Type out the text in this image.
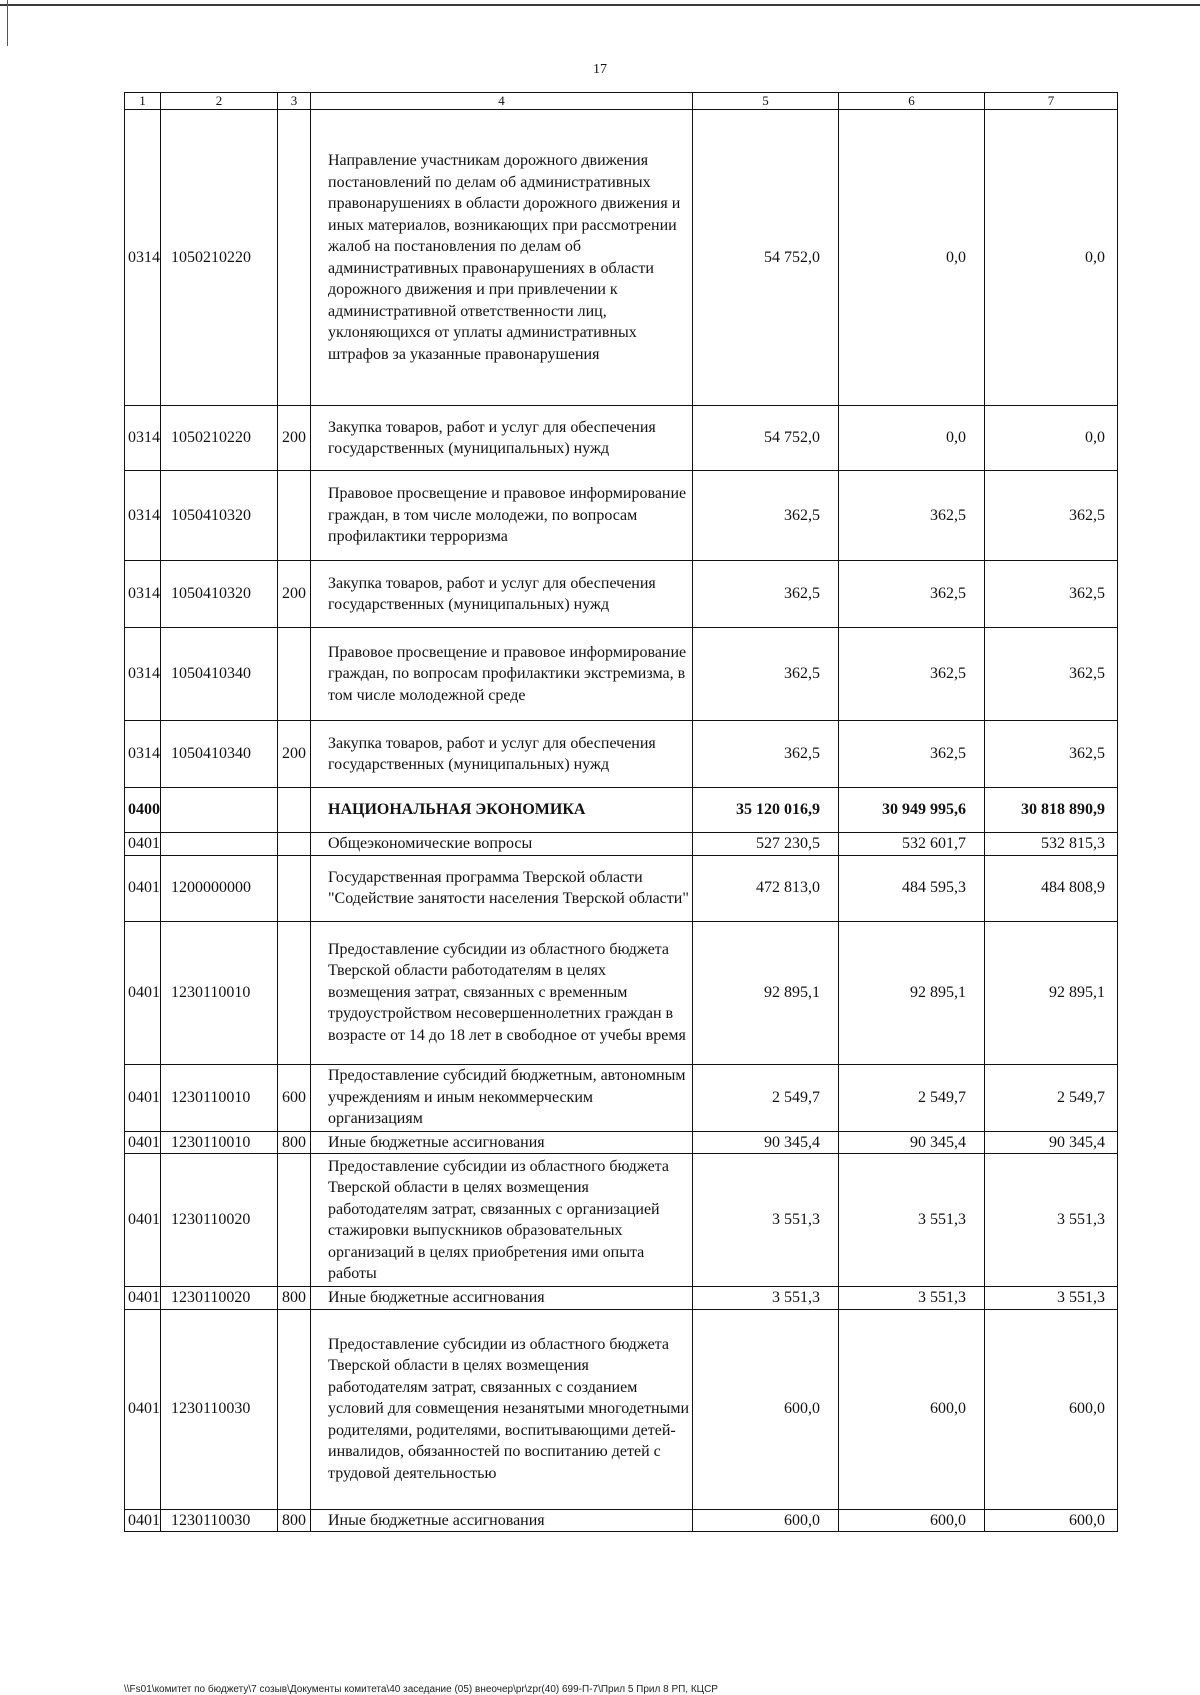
17
1	2	3	4	5	6	7
0314	1050210220		Направление участникам дорожного движения постановлений по делам об административных правонарушениях в области дорожного движения и иных материалов, возникающих при рассмотрении жалоб на постановления по делам об административных правонарушениях в области дорожного движения и при привлечении к административной ответственности лиц, уклоняющихся от уплаты административных штрафов за указанные правонарушения	54 752,0	0,0	0,0
0314	1050210220	200	Закупка товаров, работ и услуг для обеспечения государственных (муниципальных) нужд	54 752,0	0,0	0,0
0314	1050410320		Правовое просвещение и правовое информирование граждан, в том числе молодежи, по вопросам профилактики терроризма	362,5	362,5	362,5
0314	1050410320	200	Закупка товаров, работ и услуг для обеспечения государственных (муниципальных) нужд	362,5	362,5	362,5
0314	1050410340		Правовое просвещение и правовое информирование граждан, по вопросам профилактики экстремизма, в том числе молодежной среде	362,5	362,5	362,5
0314	1050410340	200	Закупка товаров, работ и услуг для обеспечения государственных (муниципальных) нужд	362,5	362,5	362,5
0400			НАЦИОНАЛЬНАЯ ЭКОНОМИКА	35 120 016,9	30 949 995,6	30 818 890,9
0401			Общеэкономические вопросы	527 230,5	532 601,7	532 815,3
0401	1200000000		Государственная программа Тверской области "Содействие занятости населения Тверской области"	472 813,0	484 595,3	484 808,9
0401	1230110010		Предоставление субсидии из областного бюджета Тверской области работодателям в целях возмещения затрат, связанных с временным трудоустройством несовершеннолетних граждан в возрасте от 14 до 18 лет в свободное от учебы время	92 895,1	92 895,1	92 895,1
0401	1230110010	600	Предоставление субсидий бюджетным, автономным учреждениям и иным некоммерческим организациям	2 549,7	2 549,7	2 549,7
0401	1230110010	800	Иные бюджетные ассигнования	90 345,4	90 345,4	90 345,4
0401	1230110020		Предоставление субсидии из областного бюджета Тверской области в целях возмещения работодателям затрат, связанных с организацией стажировки выпускников образовательных организаций в целях приобретения ими опыта работы	3 551,3	3 551,3	3 551,3
0401	1230110020	800	Иные бюджетные ассигнования	3 551,3	3 551,3	3 551,3
0401	1230110030		Предоставление субсидии из областного бюджета Тверской области в целях возмещения работодателям затрат, связанных с созданием условий для совмещения незанятыми многодетными родителями, родителями, воспитывающими детей-инвалидов, обязанностей по воспитанию детей с трудовой деятельностью	600,0	600,0	600,0
0401	1230110030	800	Иные бюджетные ассигнования	600,0	600,0	600,0
\\Fs01\комитет по бюджету\7 созыв\Документы комитета\40 заседание (05) внеочер\pr\zpr(40) 699-П-7\Прил 5 Прил 8 РП, КЦСР
